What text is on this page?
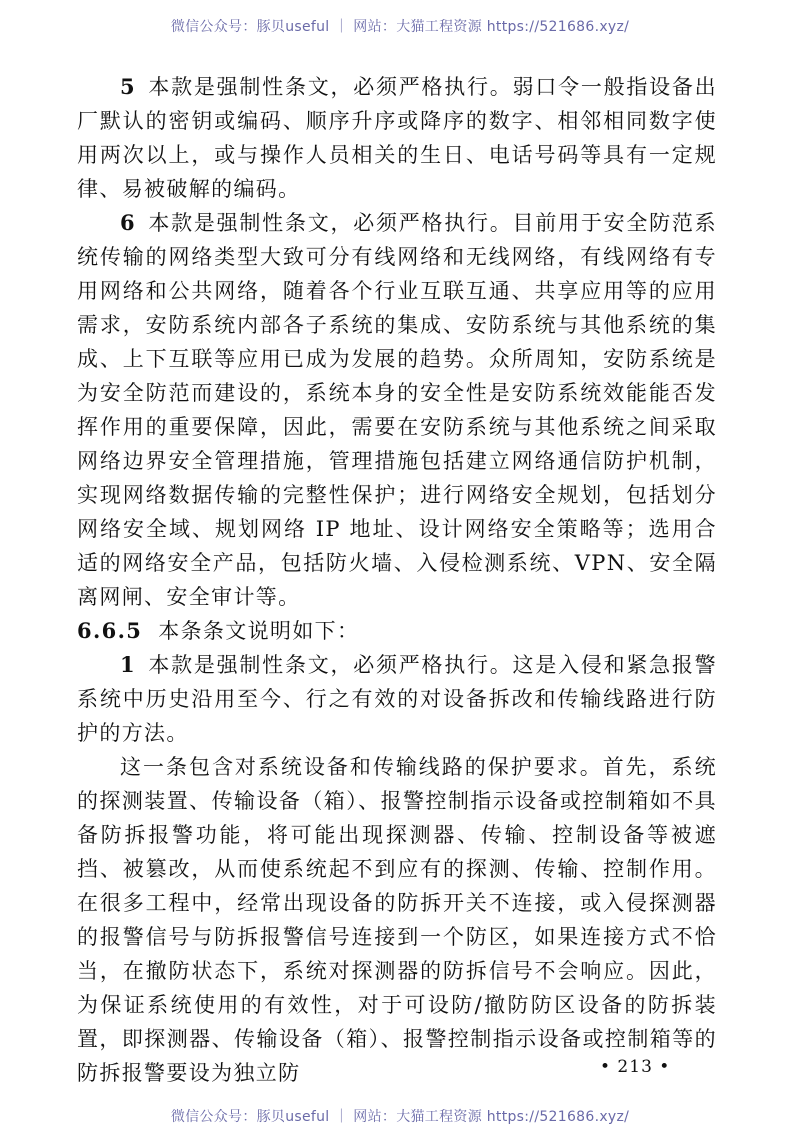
微信公众号：豚贝useful ｜ 网站：大猫工程资源 https://521686.xyz/

5 本款是强制性条文，必须严格执行。弱口令一般指设备出厂默认的密钥或编码、顺序升序或降序的数字、相邻相同数字使用两次以上，或与操作人员相关的生日、电话号码等具有一定规律、易被破解的编码。

6 本款是强制性条文，必须严格执行。目前用于安全防范系统传输的网络类型大致可分有线网络和无线网络，有线网络有专用网络和公共网络，随着各个行业互联互通、共享应用等的应用需求，安防系统内部各子系统的集成、安防系统与其他系统的集成、上下互联等应用已成为发展的趋势。众所周知，安防系统是为安全防范而建设的，系统本身的安全性是安防系统效能能否发挥作用的重要保障，因此，需要在安防系统与其他系统之间采取网络边界安全管理措施，管理措施包括建立网络通信防护机制，实现网络数据传输的完整性保护；进行网络安全规划，包括划分网络安全域、规划网络 IP 地址、设计网络安全策略等；选用合适的网络安全产品，包括防火墙、入侵检测系统、VPN、安全隔离网闸、安全审计等。

6.6.5 本条条文说明如下：

1 本款是强制性条文，必须严格执行。这是入侵和紧急报警系统中历史沿用至今、行之有效的对设备拆改和传输线路进行防护的方法。

这一条包含对系统设备和传输线路的保护要求。首先，系统的探测装置、传输设备（箱）、报警控制指示设备或控制箱如不具备防拆报警功能，将可能出现探测器、传输、控制设备等被遮挡、被篡改，从而使系统起不到应有的探测、传输、控制作用。在很多工程中，经常出现设备的防拆开关不连接，或入侵探测器的报警信号与防拆报警信号连接到一个防区，如果连接方式不恰当，在撤防状态下，系统对探测器的防拆信号不会响应。因此，为保证系统使用的有效性，对于可设防/撤防防区设备的防拆装置，即探测器、传输设备（箱）、报警控制指示设备或控制箱等的防拆报警要设为独立防	• 213 •
微信公众号：豚贝useful ｜ 网站：大猫工程资源 https://521686.xyz/
